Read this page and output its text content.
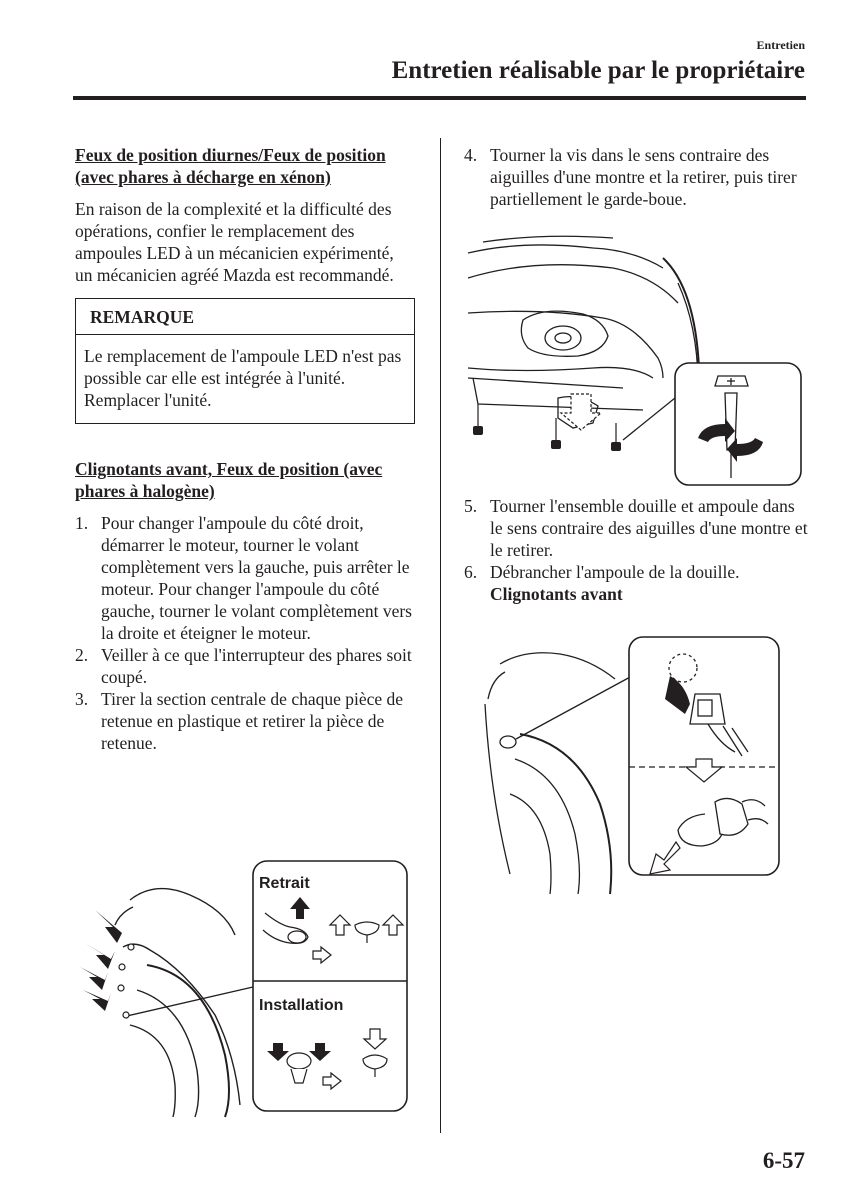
Entretien
Entretien réalisable par le propriétaire

Feux de position diurnes/Feux de position (avec phares à décharge en xénon)

En raison de la complexité et la difficulté des opérations, confier le remplacement des ampoules LED à un mécanicien expérimenté, un mécanicien agréé Mazda est recommandé.

REMARQUE
Le remplacement de l'ampoule LED n'est pas possible car elle est intégrée à l'unité. Remplacer l'unité.

Clignotants avant, Feux de position (avec phares à halogène)

1. Pour changer l'ampoule du côté droit, démarrer le moteur, tourner le volant complètement vers la gauche, puis arrêter le moteur. Pour changer l'ampoule du côté gauche, tourner le volant complètement vers la droite et éteigner le moteur.
2. Veiller à ce que l'interrupteur des phares soit coupé.
3. Tirer la section centrale de chaque pièce de retenue en plastique et retirer la pièce de retenue.
Retrait
Installation
4. Tourner la vis dans le sens contraire des aiguilles d'une montre et la retirer, puis tirer partiellement le garde-boue.
5. Tourner l'ensemble douille et ampoule dans le sens contraire des aiguilles d'une montre et le retirer.
6. Débrancher l'ampoule de la douille.
Clignotants avant
6-57
